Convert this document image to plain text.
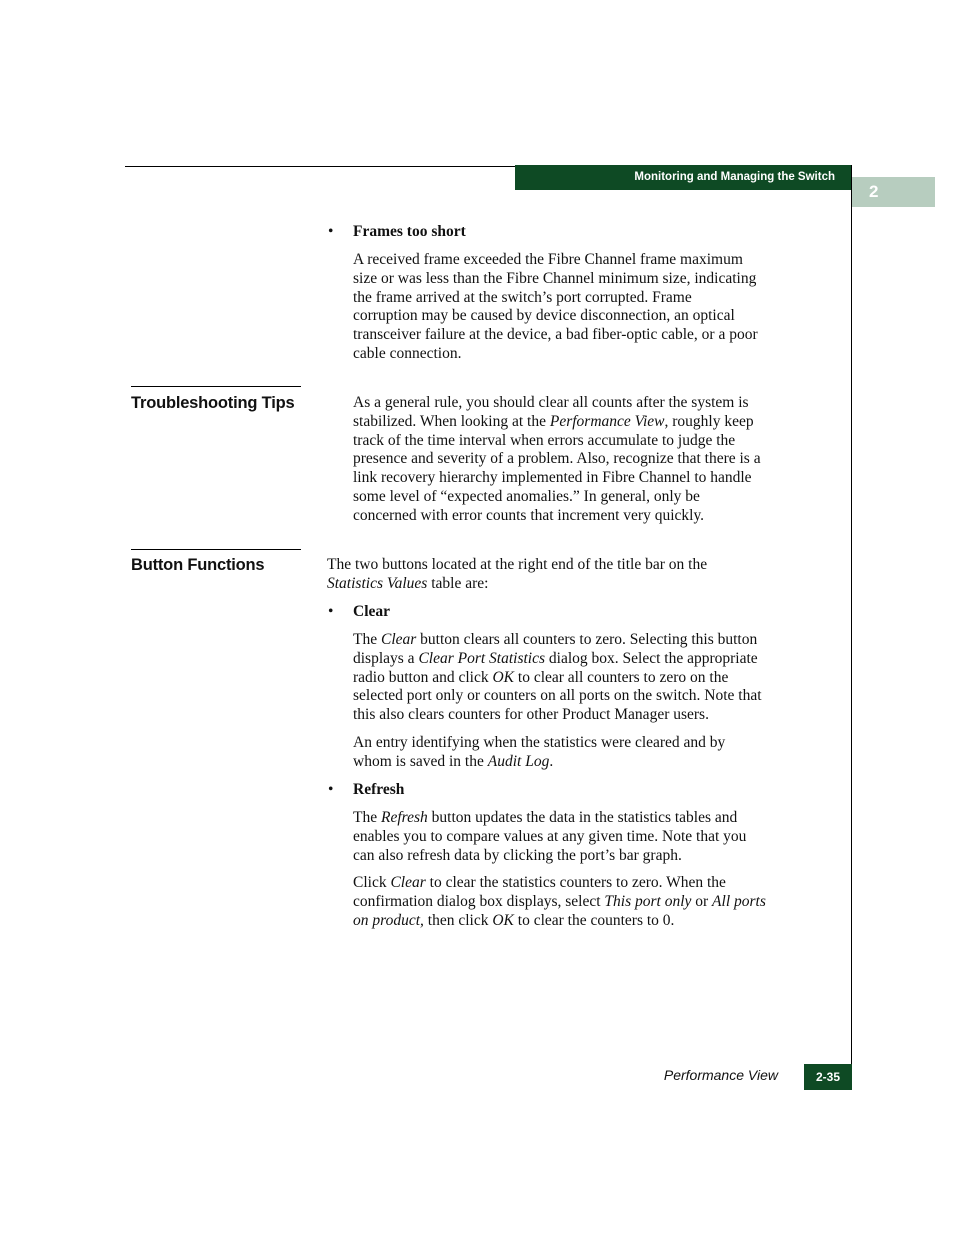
Monitoring and Managing the Switch
2
• Frames too short
A received frame exceeded the Fibre Channel frame maximum
size or was less than the Fibre Channel minimum size, indicating
the frame arrived at the switch’s port corrupted. Frame
corruption may be caused by device disconnection, an optical
transceiver failure at the device, a bad fiber-optic cable, or a poor
cable connection.
Troubleshooting Tips	As a general rule, you should clear all counts after the system is
stabilized. When looking at the Performance View, roughly keep
track of the time interval when errors accumulate to judge the
presence and severity of a problem. Also, recognize that there is a
link recovery hierarchy implemented in Fibre Channel to handle
some level of “expected anomalies.” In general, only be
concerned with error counts that increment very quickly.
Button Functions	The two buttons located at the right end of the title bar on the
Statistics Values table are:
• Clear
The Clear button clears all counters to zero. Selecting this button
displays a Clear Port Statistics dialog box. Select the appropriate
radio button and click OK to clear all counters to zero on the
selected port only or counters on all ports on the switch. Note that
this also clears counters for other Product Manager users.
An entry identifying when the statistics were cleared and by
whom is saved in the Audit Log.
• Refresh
The Refresh button updates the data in the statistics tables and
enables you to compare values at any given time. Note that you
can also refresh data by clicking the port’s bar graph.
Click Clear to clear the statistics counters to zero. When the
confirmation dialog box displays, select This port only or All ports
on product, then click OK to clear the counters to 0.
Performance View	2-35
